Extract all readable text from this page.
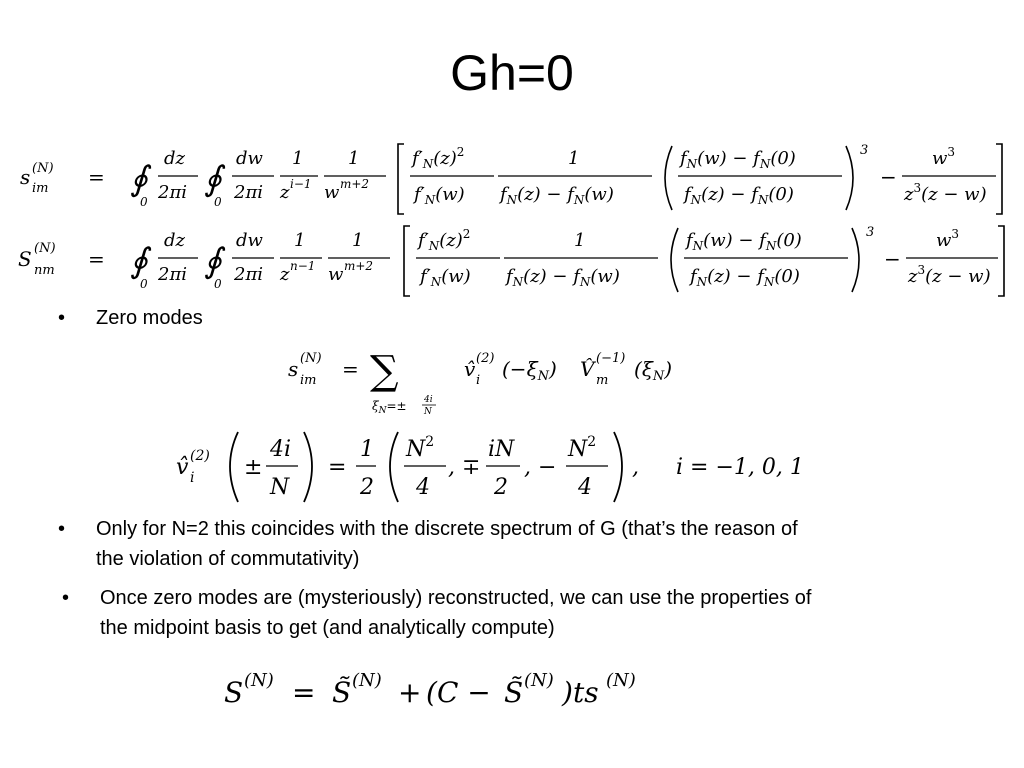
Gh=0
s (N)
im = ∮
0
dz
2πi ∮
0
dw
2πi
1
z i−1
1
w m+2
$f'_N(z)^2$
$f'_N(w)$
1
$f_N(z) - f_N(w)$
$f_N(w) - f_N(0)$
$f_N(z) - f_N(0)$
3
−
$w^3$
$z^3(z - w)$
S (N)
nm = ∮
0
dz
2πi ∮
0
dw
2πi
1
z n−1
1
w m+2
$f'_N(z)^2$
$f'_N(w)$
1
$f_N(z) - f_N(w)$
$f_N(w) - f_N(0)$
$f_N(z) - f_N(0)$
3
−
$w^3$
$z^3(z - w)$
•	Zero modes
s (N)
im = ∑
$\xi_N=\pm 4i$
N
v̂ (2)
i $(-\xi_N)$ V̂ (−1)
m $(\xi_N)$
v̂ (2)
i ±
4i
N
=
1
2
$N^2$
4
, ∓
iN
2
, −
$N^2$
4
, i = −1, 0, 1
•	Only for N=2 this coincides with the discrete spectrum of G (that’s the reason of
the violation of commutativity)
•	Once zero modes are (mysteriously) reconstructed, we can use the properties of
the midpoint basis to get (and analytically compute)
S (N) = S̃ (N) + (C − S̃ (N) )ts (N)
